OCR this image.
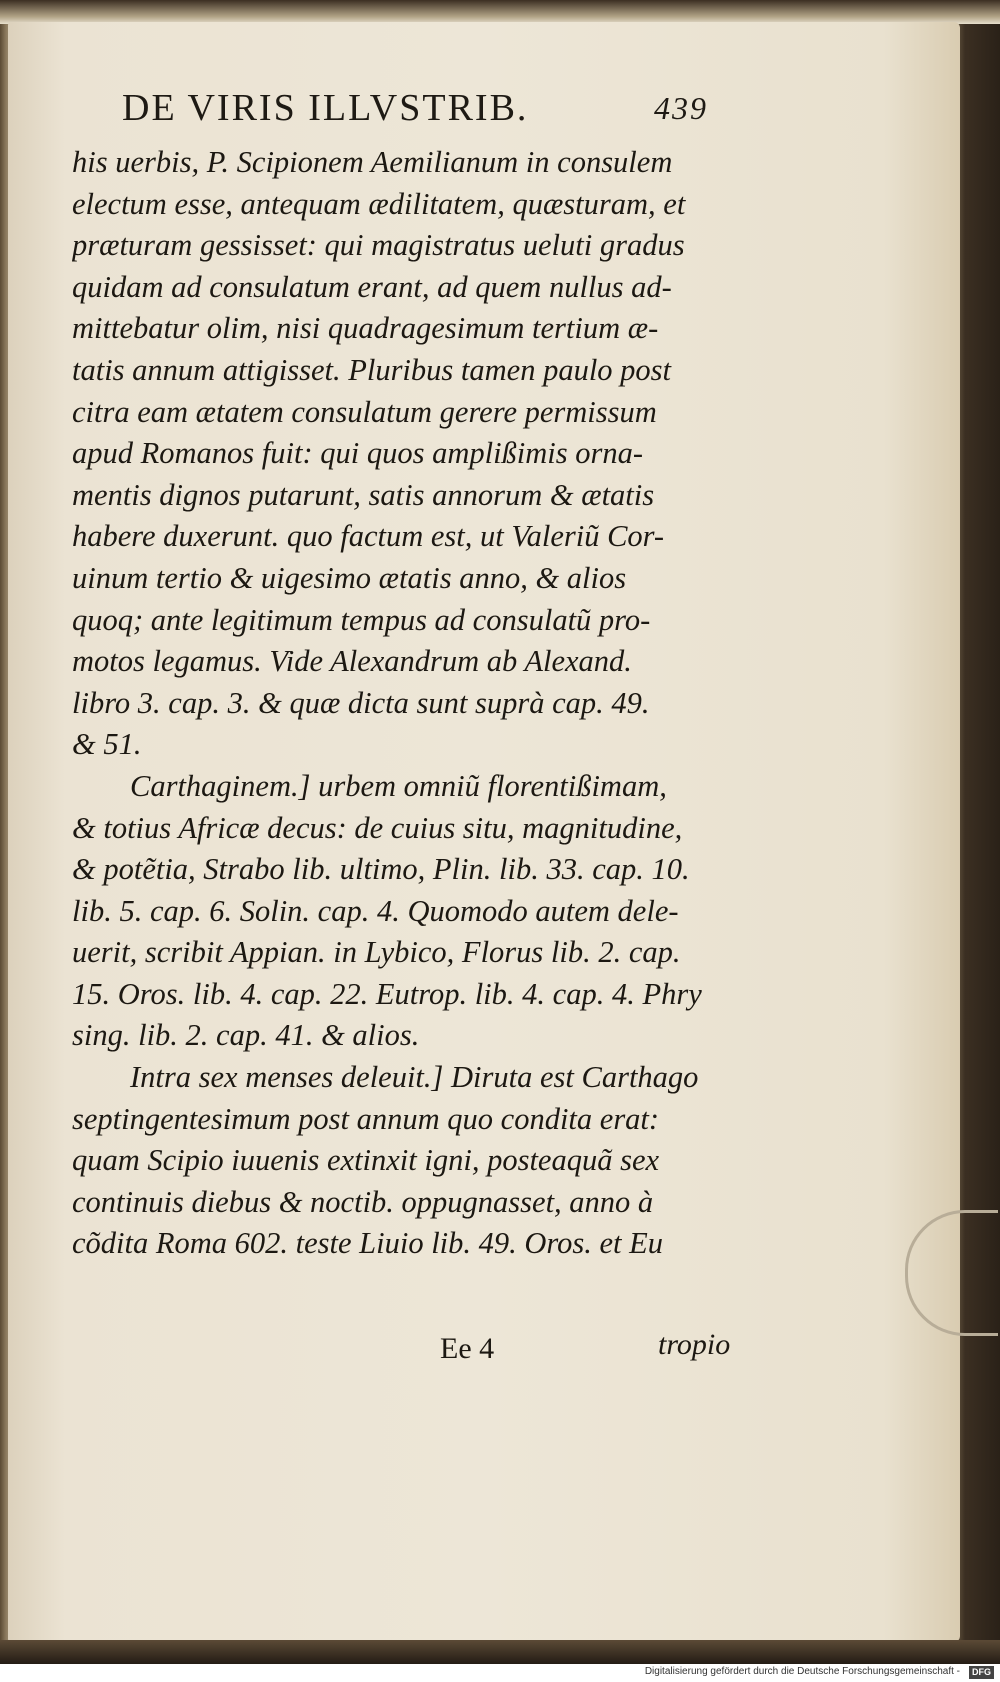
DE VIRIS ILLVSTRIB.	439
his uerbis, P. Scipionem Aemilianum in consulem
electum esse, antequam ædilitatem, quæsturam, et
præturam gessisset: qui magistratus ueluti gradus
quidam ad consulatum erant, ad quem nullus ad-
mittebatur olim, nisi quadragesimum tertium æ-
tatis annum attigisset. Pluribus tamen paulo post
citra eam ætatem consulatum gerere permissum
apud Romanos fuit: qui quos amplißimis orna-
mentis dignos putarunt, satis annorum & ætatis
habere duxerunt. quo factum est, ut Valeriũ Cor-
uinum tertio & uigesimo ætatis anno, & alios
quoq; ante legitimum tempus ad consulatũ pro-
motos legamus. Vide Alexandrum ab Alexand.
libro 3. cap. 3. & quæ dicta sunt suprà cap. 49.
& 51.
Carthaginem.] urbem omniũ florentißimam,
& totius Africæ decus: de cuius situ, magnitudine,
& potẽtia, Strabo lib. ultimo, Plin. lib. 33. cap. 10.
lib. 5. cap. 6. Solin. cap. 4. Quomodo autem dele-
uerit, scribit Appian. in Lybico, Florus lib. 2. cap.
15. Oros. lib. 4. cap. 22. Eutrop. lib. 4. cap. 4. Phry
sing. lib. 2. cap. 41. & alios.
Intra sex menses deleuit.] Diruta est Carthago
septingentesimum post annum quo condita erat:
quam Scipio iuuenis extinxit igni, posteaquã sex
continuis diebus & noctib. oppugnasset, anno à
cõdita Roma 602. teste Liuio lib. 49. Oros. et Eu
Ee 4	tropio
Digitalisierung gefördert durch die Deutsche Forschungsgemeinschaft -	DFG
